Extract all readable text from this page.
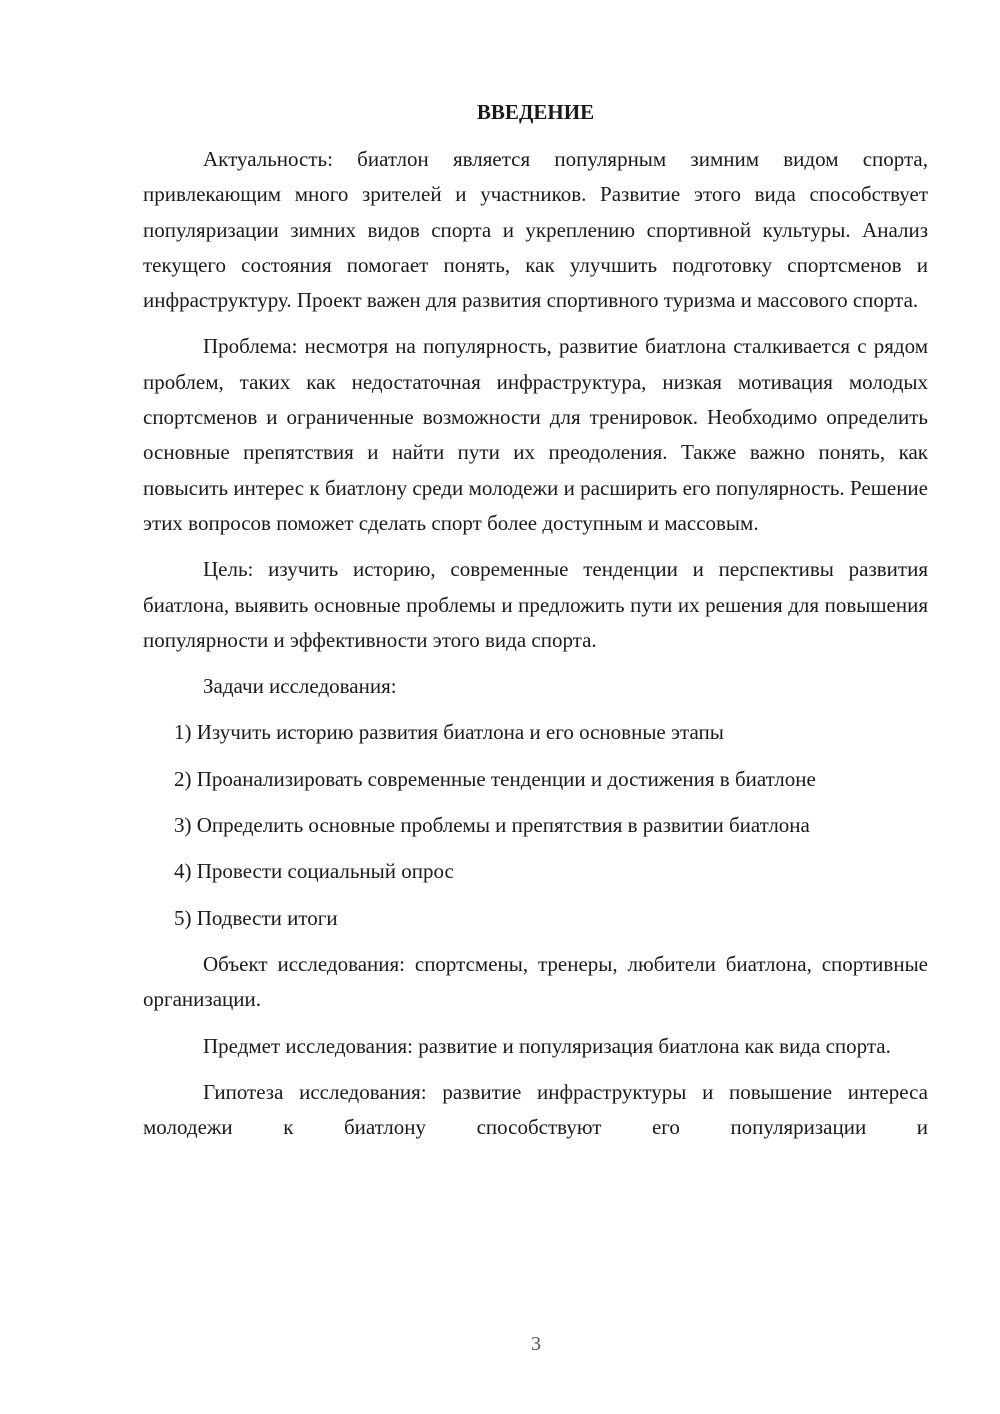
ВВЕДЕНИЕ

Актуальность: биатлон является популярным зимним видом спорта, привлекающим много зрителей и участников. Развитие этого вида способствует популяризации зимних видов спорта и укреплению спортивной культуры. Анализ текущего состояния помогает понять, как улучшить подготовку спортсменов и инфраструктуру. Проект важен для развития спортивного туризма и массового спорта.

Проблема: несмотря на популярность, развитие биатлона сталкивается с рядом проблем, таких как недостаточная инфраструктура, низкая мотивация молодых спортсменов и ограниченные возможности для тренировок. Необходимо определить основные препятствия и найти пути их преодоления. Также важно понять, как повысить интерес к биатлону среди молодежи и расширить его популярность. Решение этих вопросов поможет сделать спорт более доступным и массовым.

Цель: изучить историю, современные тенденции и перспективы развития биатлона, выявить основные проблемы и предложить пути их решения для повышения популярности и эффективности этого вида спорта.

Задачи исследования:

1) Изучить историю развития биатлона и его основные этапы

2) Проанализировать современные тенденции и достижения в биатлоне

3) Определить основные проблемы и препятствия в развитии биатлона

4) Провести социальный опрос

5) Подвести итоги

Объект исследования: спортсмены, тренеры, любители биатлона, спортивные организации.

Предмет исследования: развитие и популяризация биатлона как вида спорта.

Гипотеза исследования: развитие инфраструктуры и повышение интереса молодежи к биатлону способствуют его популяризации и

3
